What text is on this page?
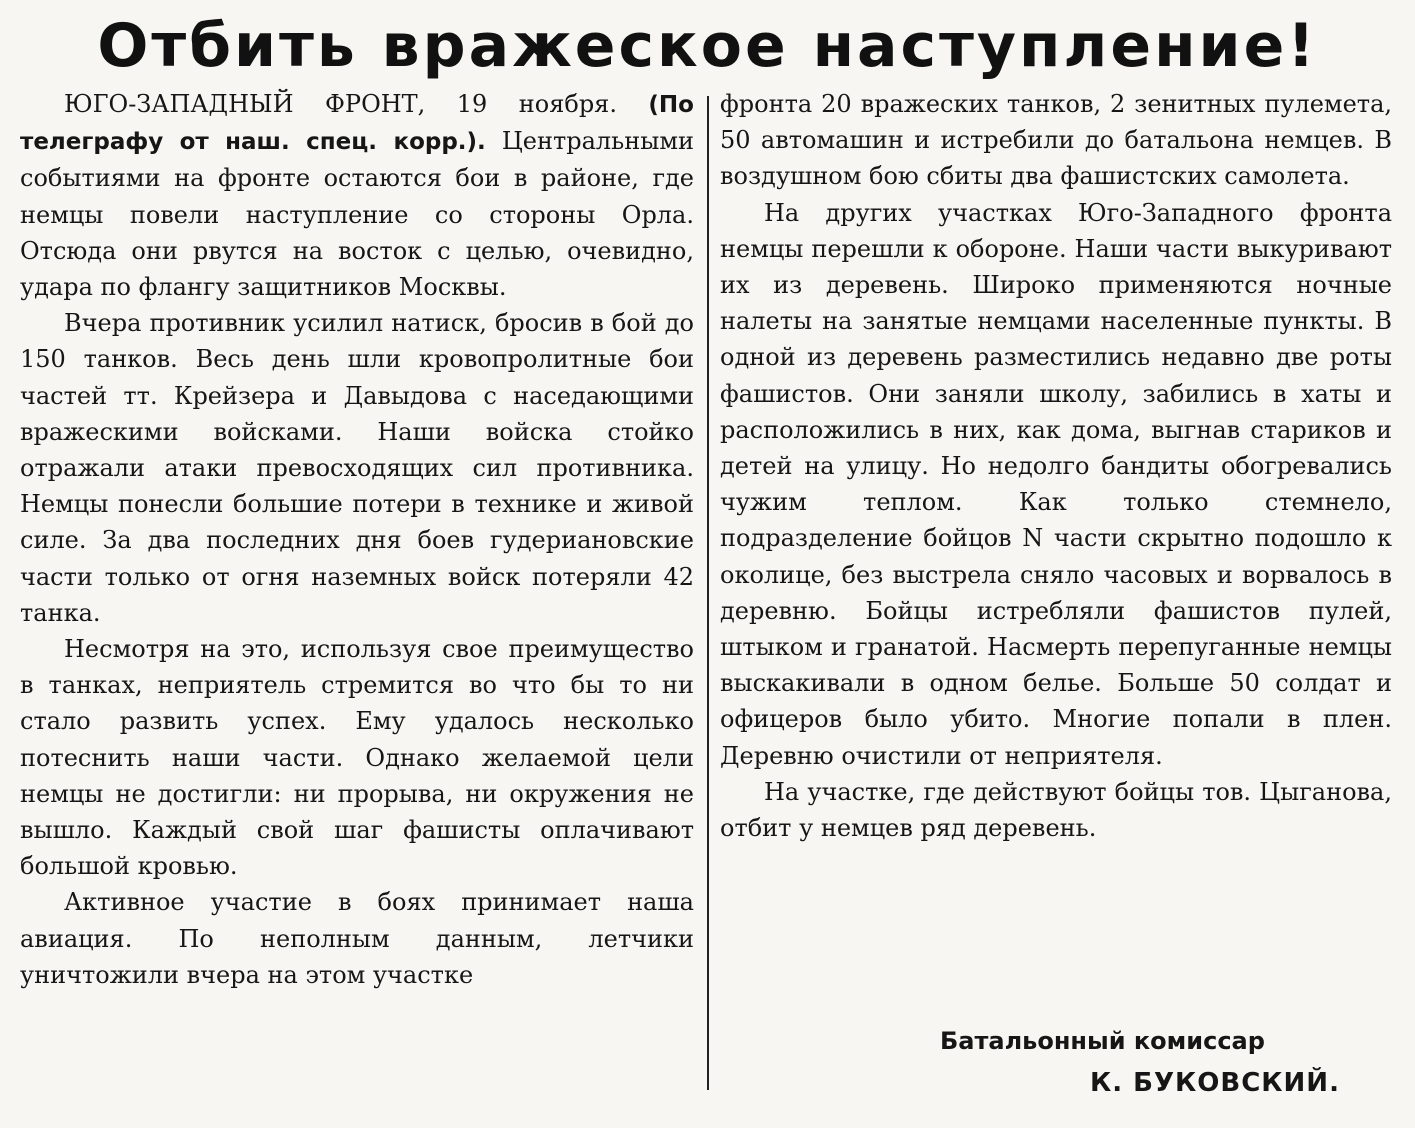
Отбить вражеское наступление!

ЮГО-ЗАПАДНЫЙ ФРОНТ, 19 ноября. (По телеграфу от наш. спец. корр.). Центральными событиями на фронте остаются бои в районе, где немцы повели наступление со стороны Орла. Отсюда они рвутся на восток с целью, очевидно, удара по флангу защитников Москвы.

Вчера противник усилил натиск, бросив в бой до 150 танков. Весь день шли кровопролитные бои частей тт. Крейзера и Давыдова с наседающими вражескими войсками. Наши войска стойко отражали атаки превосходящих сил противника. Немцы понесли большие потери в технике и живой силе. За два последних дня боев гудериановские части только от огня наземных войск потеряли 42 танка.

Несмотря на это, используя свое преимущество в танках, неприятель стремится во что бы то ни стало развить успех. Ему удалось несколько потеснить наши части. Однако желаемой цели немцы не достигли: ни прорыва, ни окружения не вышло. Каждый свой шаг фашисты оплачивают большой кровью.

Активное участие в боях принимает наша авиация. По неполным данным, летчики уничтожили вчера на этом участке

фронта 20 вражеских танков, 2 зенитных пулемета, 50 автомашин и истребили до батальона немцев. В воздушном бою сбиты два фашистских самолета.

На других участках Юго-Западного фронта немцы перешли к обороне. Наши части выкуривают их из деревень. Широко применяются ночные налеты на занятые немцами населенные пункты. В одной из деревень разместились недавно две роты фашистов. Они заняли школу, забились в хаты и расположились в них, как дома, выгнав стариков и детей на улицу. Но недолго бандиты обогревались чужим теплом. Как только стемнело, подразделение бойцов N части скрытно подошло к околице, без выстрела сняло часовых и ворвалось в деревню. Бойцы истребляли фашистов пулей, штыком и гранатой. Насмерть перепуганные немцы выскакивали в одном белье. Больше 50 солдат и офицеров было убито. Многие попали в плен. Деревню очистили от неприятеля.

На участке, где действуют бойцы тов. Цыганова, отбит у немцев ряд деревень.

Батальонный комиссар
К. БУКОВСКИЙ.
